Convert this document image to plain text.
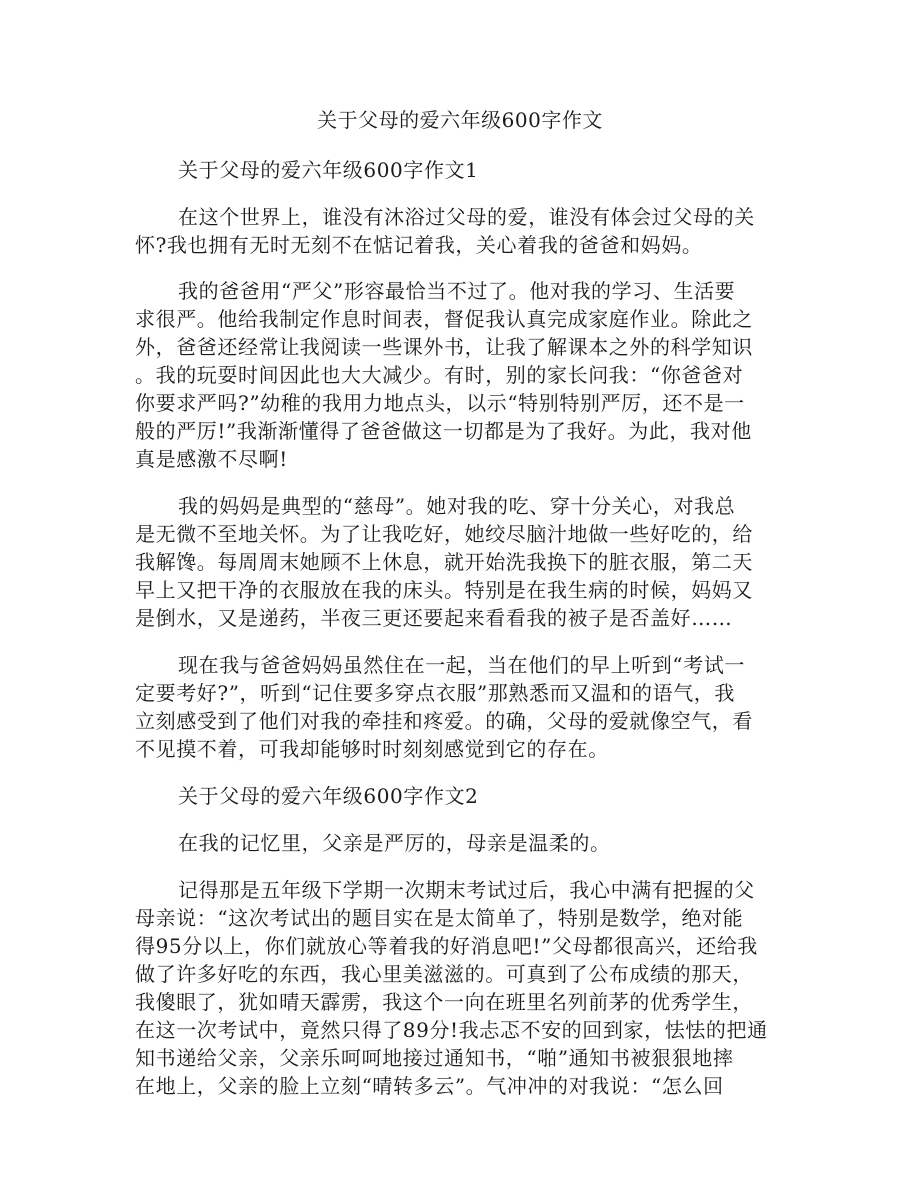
关于父母的爱六年级600字作文

关于父母的爱六年级600字作文1

在这个世界上，谁没有沐浴过父母的爱，谁没有体会过父母的关

怀?我也拥有无时无刻不在惦记着我，关心着我的爸爸和妈妈。

我的爸爸用“严父”形容最恰当不过了。他对我的学习、生活要

求很严。他给我制定作息时间表，督促我认真完成家庭作业。除此之

外，爸爸还经常让我阅读一些课外书，让我了解课本之外的科学知识

。我的玩耍时间因此也大大减少。有时，别的家长问我：“你爸爸对

你要求严吗?”幼稚的我用力地点头，以示“特别特别严厉，还不是一

般的严厉!”我渐渐懂得了爸爸做这一切都是为了我好。为此，我对他

真是感激不尽啊!

我的妈妈是典型的“慈母”。她对我的吃、穿十分关心，对我总

是无微不至地关怀。为了让我吃好，她绞尽脑汁地做一些好吃的，给

我解馋。每周周末她顾不上休息，就开始洗我换下的脏衣服，第二天

早上又把干净的衣服放在我的床头。特别是在我生病的时候，妈妈又

是倒水，又是递药，半夜三更还要起来看看我的被子是否盖好……

现在我与爸爸妈妈虽然住在一起，当在他们的早上听到“考试一

定要考好?”，听到“记住要多穿点衣服”那熟悉而又温和的语气，我

立刻感受到了他们对我的牵挂和疼爱。的确，父母的爱就像空气，看

不见摸不着，可我却能够时时刻刻感觉到它的存在。

关于父母的爱六年级600字作文2

在我的记忆里，父亲是严厉的，母亲是温柔的。

记得那是五年级下学期一次期末考试过后，我心中满有把握的父

母亲说：“这次考试出的题目实在是太简单了，特别是数学，绝对能

得95分以上，你们就放心等着我的好消息吧!”父母都很高兴，还给我

做了许多好吃的东西，我心里美滋滋的。可真到了公布成绩的那天，

我傻眼了，犹如晴天霹雳，我这个一向在班里名列前茅的优秀学生，

在这一次考试中，竟然只得了89分!我忐忑不安的回到家，怯怯的把通

知书递给父亲，父亲乐呵呵地接过通知书，“啪”通知书被狠狠地摔

在地上，父亲的脸上立刻“晴转多云”。气冲冲的对我说：“怎么回
